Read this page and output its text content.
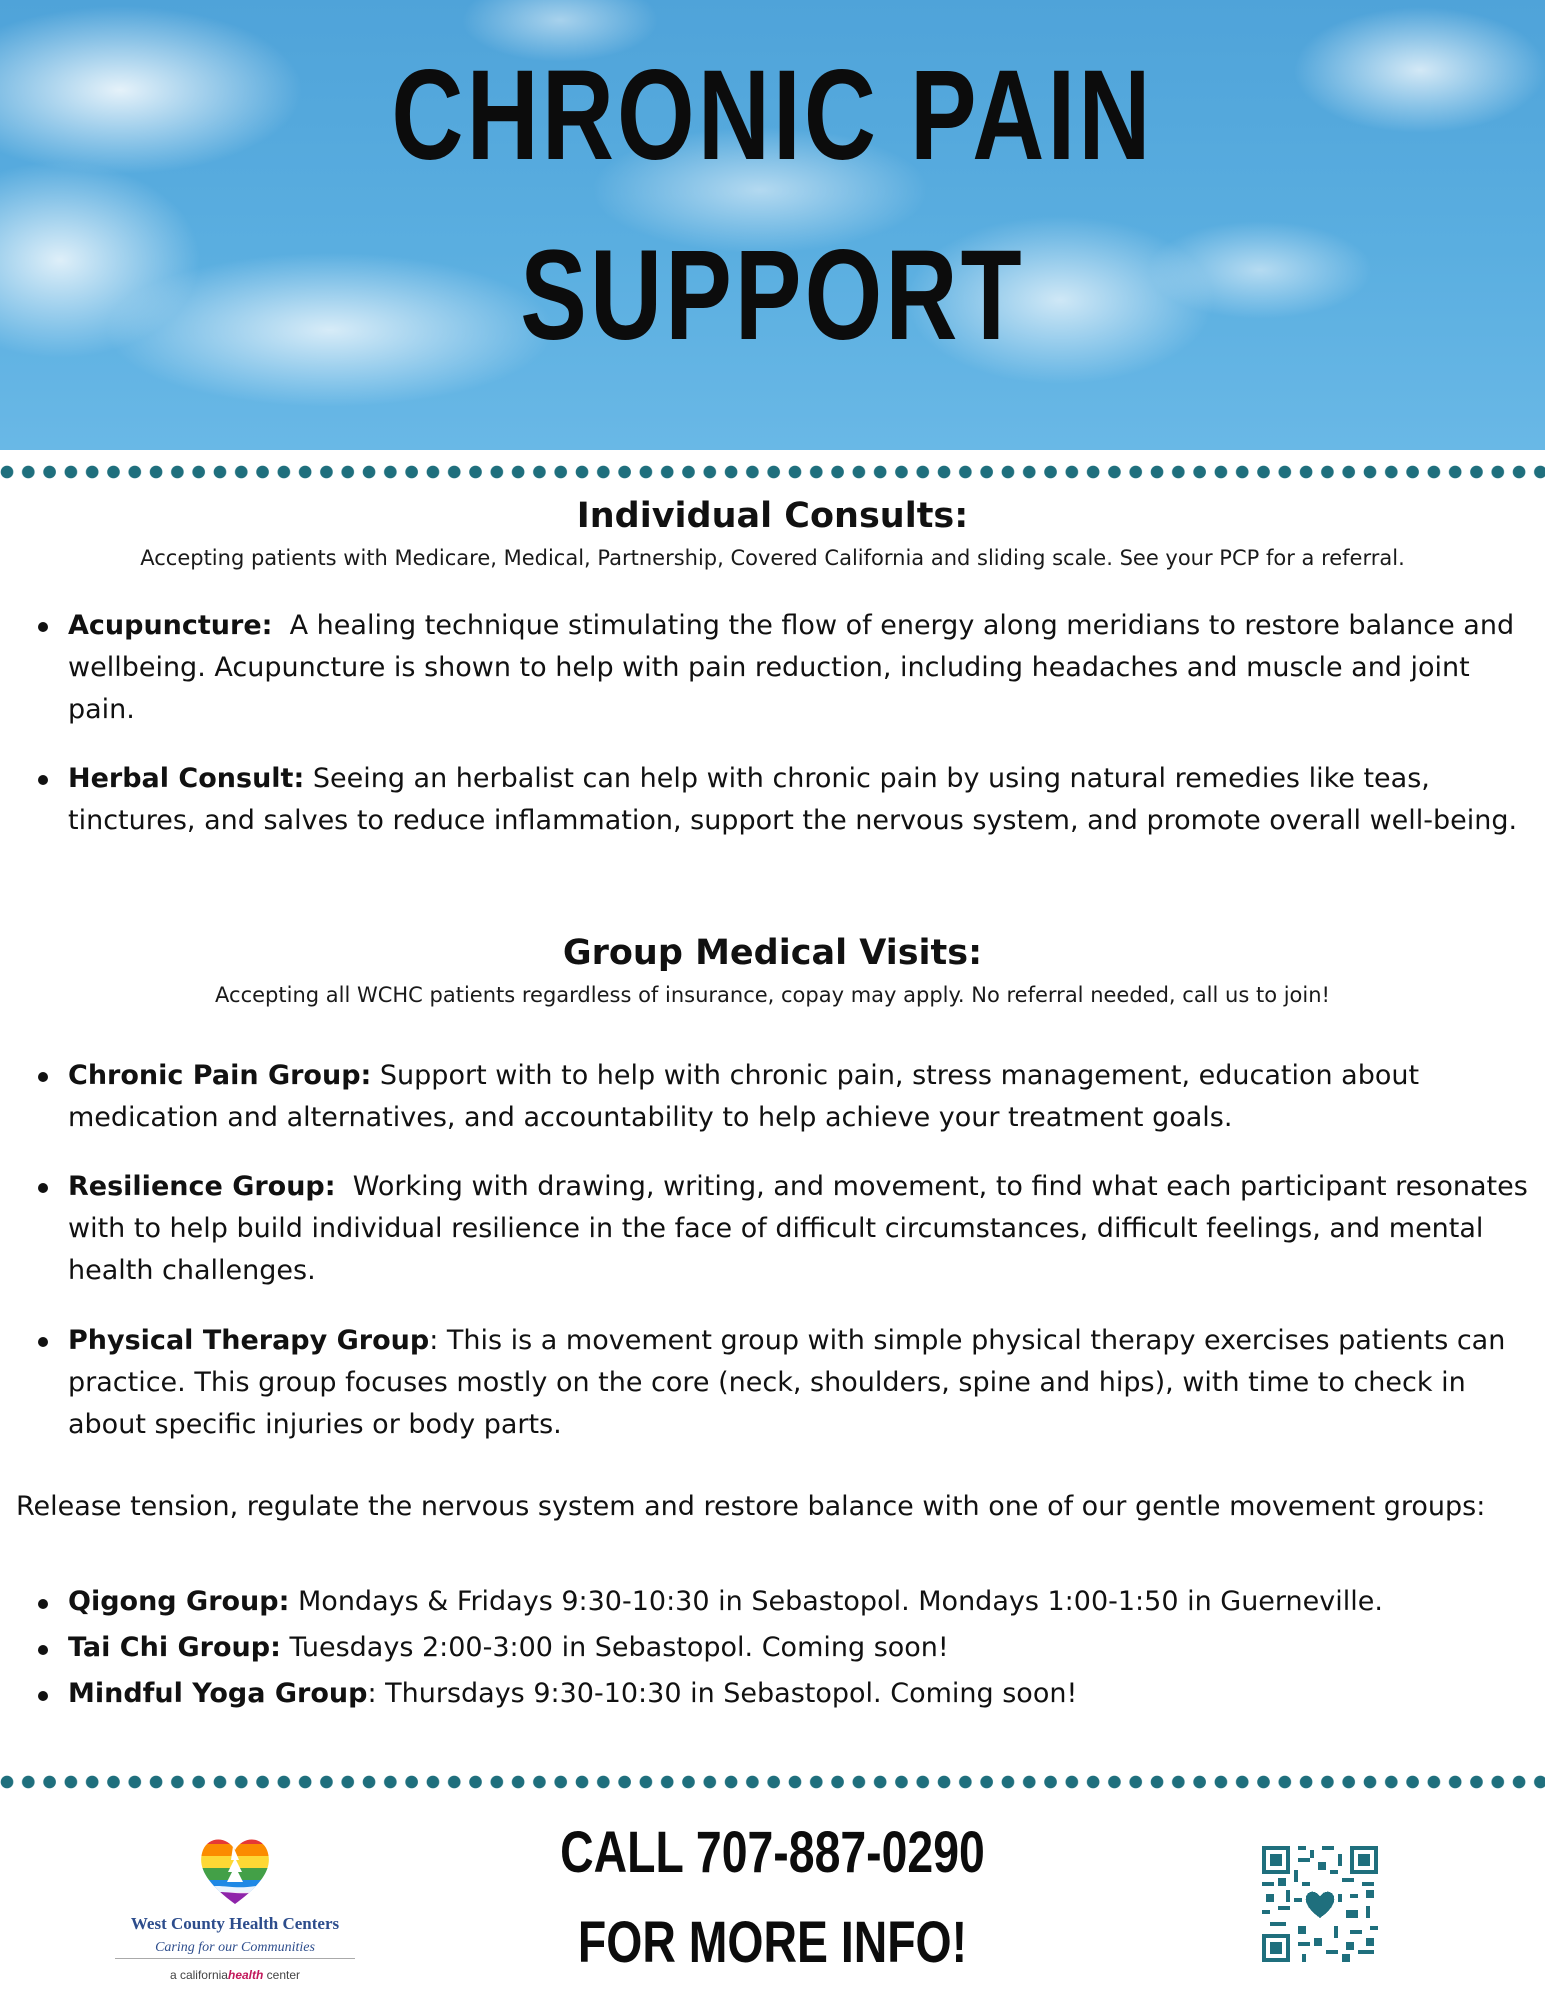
CHRONIC PAIN
SUPPORT
Individual Consults:
Accepting patients with Medicare, Medical, Partnership, Covered California and sliding scale. See your PCP for a referral.
Acupuncture: A healing technique stimulating the flow of energy along meridians to restore balance and wellbeing. Acupuncture is shown to help with pain reduction, including headaches and muscle and joint pain.
Herbal Consult: Seeing an herbalist can help with chronic pain by using natural remedies like teas, tinctures, and salves to reduce inflammation, support the nervous system, and promote overall well-being.
Group Medical Visits:
Accepting all WCHC patients regardless of insurance, copay may apply. No referral needed, call us to join!
Chronic Pain Group: Support with to help with chronic pain, stress management, education about medication and alternatives, and accountability to help achieve your treatment goals.
Resilience Group: Working with drawing, writing, and movement, to find what each participant resonates with to help build individual resilience in the face of difficult circumstances, difficult feelings, and mental health challenges.
Physical Therapy Group: This is a movement group with simple physical therapy exercises patients can practice. This group focuses mostly on the core (neck, shoulders, spine and hips), with time to check in about specific injuries or body parts.
Release tension, regulate the nervous system and restore balance with one of our gentle movement groups:
Qigong Group: Mondays & Fridays 9:30-10:30 in Sebastopol. Mondays 1:00-1:50 in Guerneville.
Tai Chi Group: Tuesdays 2:00-3:00 in Sebastopol. Coming soon!
Mindful Yoga Group: Thursdays 9:30-10:30 in Sebastopol. Coming soon!
West County Health Centers
Caring for our Communities
a californiahealth center
CALL 707-887-0290
FOR MORE INFO!
